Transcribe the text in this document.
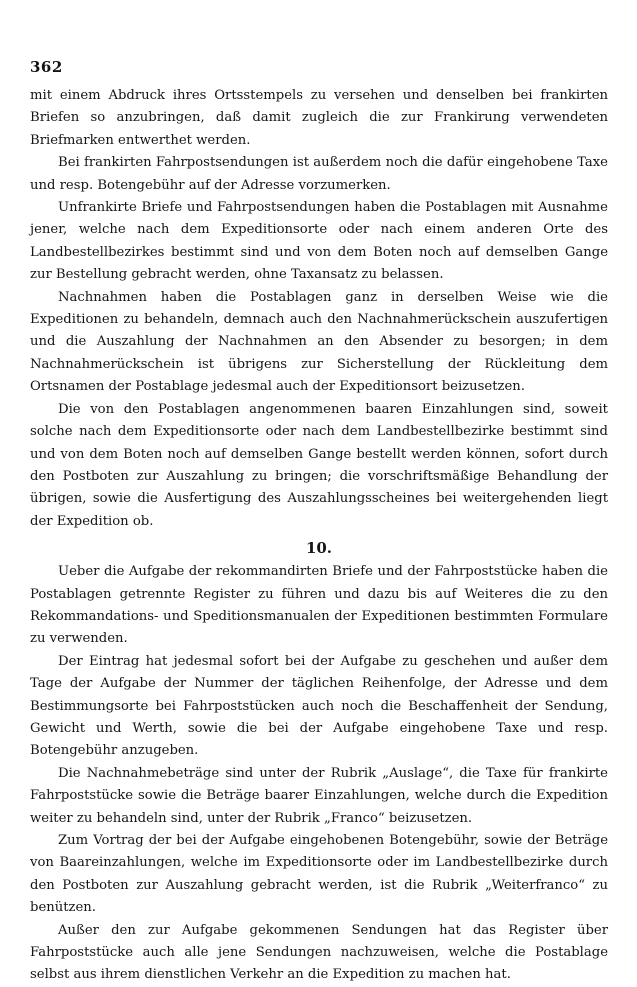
362

mit einem Abdruck ihres Ortsstempels zu versehen und denselben bei frankirten Briefen so anzubringen, daß damit zugleich die zur Frankirung verwendeten Briefmarken entwerthet werden.

Bei frankirten Fahrpostsendungen ist außerdem noch die dafür eingehobene Taxe und resp. Botengebühr auf der Adresse vorzumerken.

Unfrankirte Briefe und Fahrpostsendungen haben die Postablagen mit Ausnahme jener, welche nach dem Expeditionsorte oder nach einem anderen Orte des Landbestellbezirkes bestimmt sind und von dem Boten noch auf demselben Gange zur Bestellung gebracht werden, ohne Taxansatz zu belassen.

Nachnahmen haben die Postablagen ganz in derselben Weise wie die Expeditionen zu behandeln, demnach auch den Nachnahmerückschein auszufertigen und die Auszahlung der Nachnahmen an den Absender zu besorgen; in dem Nachnahmerückschein ist übrigens zur Sicherstellung der Rückleitung dem Ortsnamen der Postablage jedesmal auch der Expeditionsort beizusetzen.

Die von den Postablagen angenommenen baaren Einzahlungen sind, soweit solche nach dem Expeditionsorte oder nach dem Landbestellbezirke bestimmt sind und von dem Boten noch auf demselben Gange bestellt werden können, sofort durch den Postboten zur Auszahlung zu bringen; die vorschriftsmäßige Behandlung der übrigen, sowie die Ausfertigung des Auszahlungsscheines bei weitergehenden liegt der Expedition ob.

10.

Ueber die Aufgabe der rekommandirten Briefe und der Fahrpoststücke haben die Postablagen getrennte Register zu führen und dazu bis auf Weiteres die zu den Rekommandations- und Speditionsmanualen der Expeditionen bestimmten Formulare zu verwenden.

Der Eintrag hat jedesmal sofort bei der Aufgabe zu geschehen und außer dem Tage der Aufgabe der Nummer der täglichen Reihenfolge, der Adresse und dem Bestimmungsorte bei Fahrpoststücken auch noch die Beschaffenheit der Sendung, Gewicht und Werth, sowie die bei der Aufgabe eingehobene Taxe und resp. Botengebühr anzugeben.

Die Nachnahmebeträge sind unter der Rubrik „Auslage“, die Taxe für frankirte Fahrpoststücke sowie die Beträge baarer Einzahlungen, welche durch die Expedition weiter zu behandeln sind, unter der Rubrik „Franco“ beizusetzen.

Zum Vortrag der bei der Aufgabe eingehobenen Botengebühr, sowie der Beträge von Baareinzahlungen, welche im Expeditionsorte oder im Landbestellbezirke durch den Postboten zur Auszahlung gebracht werden, ist die Rubrik „Weiterfranco“ zu benützen.

Außer den zur Aufgabe gekommenen Sendungen hat das Register über Fahrpoststücke auch alle jene Sendungen nachzuweisen, welche die Postablage selbst aus ihrem dienstlichen Verkehr an die Expedition zu machen hat.
